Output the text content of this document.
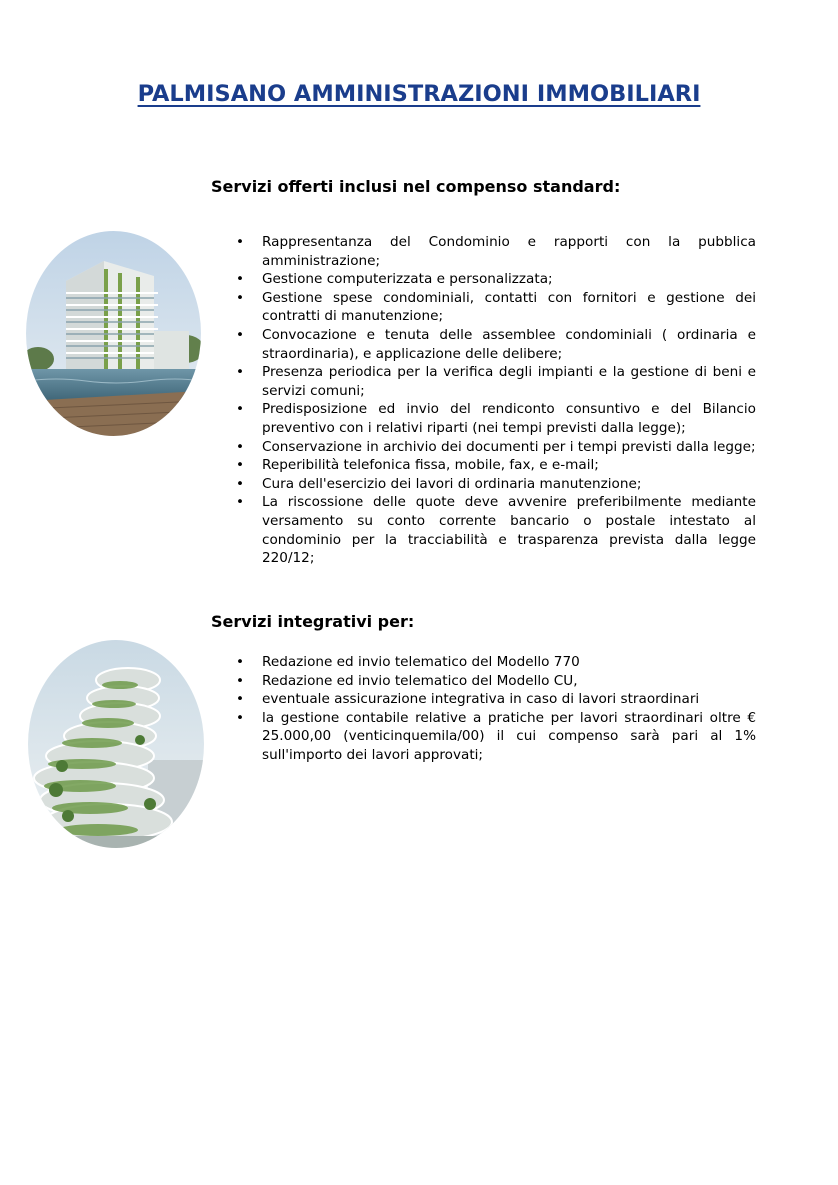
PALMISANO AMMINISTRAZIONI IMMOBILIARI
Servizi offerti inclusi nel compenso standard:
• Rappresentanza del Condominio e rapporti con la pubblica amministrazione;
• Gestione computerizzata e personalizzata;
• Gestione spese condominiali, contatti con fornitori e gestione dei contratti di manutenzione;
• Convocazione e tenuta delle assemblee condominiali ( ordinaria e straordinaria), e applicazione delle delibere;
• Presenza periodica per la verifica degli impianti e la gestione di beni e servizi comuni;
• Predisposizione ed invio del rendiconto consuntivo e del Bilancio preventivo con i relativi riparti (nei tempi previsti dalla legge);
• Conservazione in archivio dei documenti per i tempi previsti dalla legge;
• Reperibilità telefonica fissa, mobile, fax, e e-mail;
• Cura dell'esercizio dei lavori di ordinaria manutenzione;
• La riscossione delle quote deve avvenire preferibilmente mediante versamento su conto corrente bancario o postale intestato al condominio per la tracciabilità e trasparenza prevista dalla legge 220/12;
Servizi integrativi per:
• Redazione ed invio telematico del Modello 770
• Redazione ed invio telematico del Modello CU,
• eventuale assicurazione integrativa in caso di lavori straordinari
• la gestione contabile relative a pratiche per lavori straordinari oltre € 25.000,00 (venticinquemila/00) il cui compenso sarà pari al 1% sull'importo dei lavori approvati;
